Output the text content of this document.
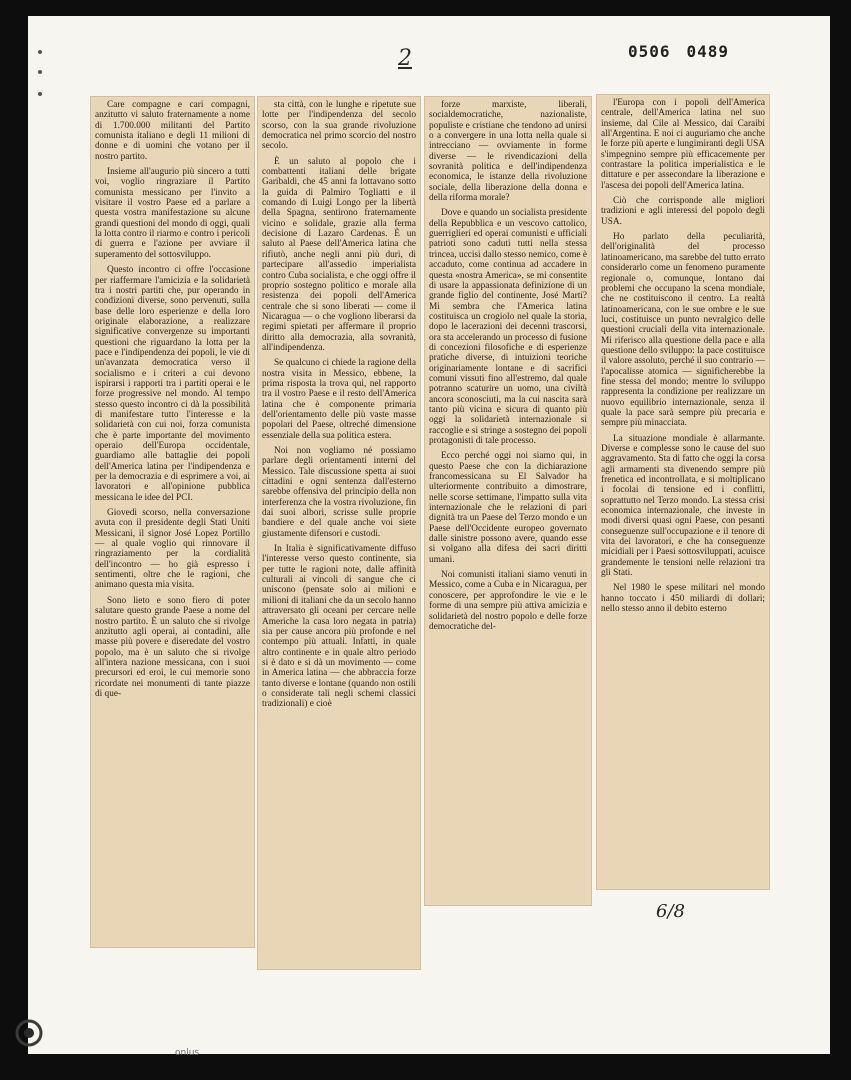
2	0506 0489

Care compagne e cari compagni, anzitutto vi saluto fraternamente a nome di 1.700.000 militanti del Partito comunista italiano e degli 11 milioni di donne e di uomini che votano per il nostro partito.

Insieme all'augurio più sincero a tutti voi, voglio ringraziare il Partito comunista messicano per l'invito a visitare il vostro Paese ed a parlare a questa vostra manifestazione su alcune grandi questioni del mondo di oggi, quali la lotta contro il riarmo e contro i pericoli di guerra e l'azione per avviare il superamento del sottosviluppo.

Questo incontro ci offre l'occasione per riaffermare l'amicizia e la solidarietà tra i nostri partiti che, pur operando in condizioni diverse, sono pervenuti, sulla base delle loro esperienze e della loro originale elaborazione, a realizzare significative convergenze su importanti questioni che riguardano la lotta per la pace e l'indipendenza dei popoli, le vie di un'avanzata democratica verso il socialismo e i criteri a cui devono ispirarsi i rapporti tra i partiti operai e le forze progressive nel mondo. Al tempo stesso questo incontro ci dà la possibilità di manifestare tutto l'interesse e la solidarietà con cui noi, forza comunista che è parte importante del movimento operaio dell'Europa occidentale, guardiamo alle battaglie dei popoli dell'America latina per l'indipendenza e per la democrazia e di esprimere a voi, ai lavoratori e all'opinione pubblica messicana le idee del PCI.

Giovedì scorso, nella conversazione avuta con il presidente degli Stati Uniti Messicani, il signor José Lopez Portillo — al quale voglio qui rinnovare il ringraziamento per la cordialità dell'incontro — ho già espresso i sentimenti, oltre che le ragioni, che animano questa mia visita.

Sono lieto e sono fiero di poter salutare questo grande Paese a nome del nostro partito. È un saluto che si rivolge anzitutto agli operai, ai contadini, alle masse più povere e diseredate del vostro popolo, ma è un saluto che si rivolge all'intera nazione messicana, con i suoi precursori ed eroi, le cui memorie sono ricordate nei monumenti di tante piazze di que-

sta città, con le lunghe e ripetute sue lotte per l'indipendenza del secolo scorso, con la sua grande rivoluzione democratica nel primo scorcio del nostro secolo.

È un saluto al popolo che i combattenti italiani delle brigate Garibaldi, che 45 anni fa lottavano sotto la guida di Palmiro Togliatti e il comando di Luigi Longo per la libertà della Spagna, sentirono fraternamente vicino e solidale, grazie alla ferma decisione di Lazaro Cardenas. È un saluto al Paese dell'America latina che rifiutò, anche negli anni più duri, di partecipare all'assedio imperialista contro Cuba socialista, e che oggi offre il proprio sostegno politico e morale alla resistenza dei popoli dell'America centrale che si sono liberati — come il Nicaragua — o che vogliono liberarsi da regimi spietati per affermare il proprio diritto alla democrazia, alla sovranità, all'indipendenza.

Se qualcuno ci chiede la ragione della nostra visita in Messico, ebbene, la prima risposta la trova qui, nel rapporto tra il vostro Paese e il resto dell'America latina che è componente primaria dell'orientamento delle più vaste masse popolari del Paese, oltreché dimensione essenziale della sua politica estera.

Noi non vogliamo né possiamo parlare degli orientamenti interni del Messico. Tale discussione spetta ai suoi cittadini e ogni sentenza dall'esterno sarebbe offensiva del principio della non interferenza che la vostra rivoluzione, fin dai suoi albori, scrisse sulle proprie bandiere e del quale anche voi siete giustamente difensori e custodi.

In Italia è significativamente diffuso l'interesse verso questo continente, sia per tutte le ragioni note, dalle affinità culturali ai vincoli di sangue che ci uniscono (pensate solo ai milioni e milioni di italiani che da un secolo hanno attraversato gli oceani per cercare nelle Americhe la casa loro negata in patria) sia per cause ancora più profonde e nel contempo più attuali. Infatti, in quale altro continente e in quale altro periodo si è dato e si dà un movimento — come in America latina — che abbraccia forze tanto diverse e lontane (quando non ostili o considerate tali negli schemi classici tradizionali) e cioè

forze marxiste, liberali, socialdemocratiche, nazionaliste, populiste e cristiane che tendono ad unirsi o a convergere in una lotta nella quale si intrecciano — ovviamente in forme diverse — le rivendicazioni della sovranità politica e dell'indipendenza economica, le istanze della rivoluzione sociale, della liberazione della donna e della riforma morale?

Dove e quando un socialista presidente della Repubblica e un vescovo cattolico, guerriglieri ed operai comunisti e ufficiali patrioti sono caduti tutti nella stessa trincea, uccisi dallo stesso nemico, come è accaduto, come continua ad accadere in questa «nostra America», se mi consentite di usare la appassionata definizione di un grande figlio del continente, José Martí? Mi sembra che l'America latina costituisca un crogiolo nel quale la storia, dopo le lacerazioni dei decenni trascorsi, ora sta accelerando un processo di fusione di concezioni filosofiche e di esperienze pratiche diverse, di intuizioni teoriche originariamente lontane e di sacrifici comuni vissuti fino all'estremo, dal quale potranno scaturire un uomo, una civiltà ancora sconosciuti, ma la cui nascita sarà tanto più vicina e sicura di quanto più oggi la solidarietà internazionale si raccoglie e si stringe a sostegno dei popoli protagonisti di tale processo.

Ecco perché oggi noi siamo qui, in questo Paese che con la dichiarazione francomessicana su El Salvador ha ulteriormente contribuito a dimostrare, nelle scorse settimane, l'impatto sulla vita internazionale che le relazioni di pari dignità tra un Paese del Terzo mondo e un Paese dell'Occidente europeo governato dalle sinistre possono avere, quando esse si volgano alla difesa dei sacri diritti umani.

Noi comunisti italiani siamo venuti in Messico, come a Cuba e in Nicaragua, per conoscere, per approfondire le vie e le forme di una sempre più attiva amicizia e solidarietà del nostro popolo e delle forze democratiche del-

l'Europa con i popoli dell'America centrale, dell'America latina nel suo insieme, dal Cile al Messico, dai Caraibi all'Argentina. E noi ci auguriamo che anche le forze più aperte e lungimiranti degli USA s'impegnino sempre più efficacemente per contrastare la politica imperialistica e le dittature e per assecondare la liberazione e l'ascesa dei popoli dell'America latina.

Ciò che corrisponde alle migliori tradizioni e agli interessi del popolo degli USA.

Ho parlato della peculiarità, dell'originalità del processo latinoamericano, ma sarebbe del tutto errato considerarlo come un fenomeno puramente regionale o, comunque, lontano dai problemi che occupano la scena mondiale, che ne costituiscono il centro. La realtà latinoamericana, con le sue ombre e le sue luci, costituisce un punto nevralgico delle questioni cruciali della vita internazionale. Mi riferisco alla questione della pace e alla questione dello sviluppo: la pace costituisce il valore assoluto, perché il suo contrario — l'apocalisse atomica — significherebbe la fine stessa del mondo; mentre lo sviluppo rappresenta la condizione per realizzare un nuovo equilibrio internazionale, senza il quale la pace sarà sempre più precaria e sempre più minacciata.

La situazione mondiale è allarmante. Diverse e complesse sono le cause del suo aggravamento. Sta di fatto che oggi la corsa agli armamenti sta divenendo sempre più frenetica ed incontrollata, e si moltiplicano i focolai di tensione ed i conflitti, soprattutto nel Terzo mondo. La stessa crisi economica internazionale, che investe in modi diversi quasi ogni Paese, con pesanti conseguenze sull'occupazione e il tenore di vita dei lavoratori, e che ha conseguenze micidiali per i Paesi sottosviluppati, acuisce grandemente le tensioni nelle relazioni tra gli Stati.

Nel 1980 le spese militari nel mondo hanno toccato i 450 miliardi di dollari; nello stesso anno il debito esterno

6/8
onlus
